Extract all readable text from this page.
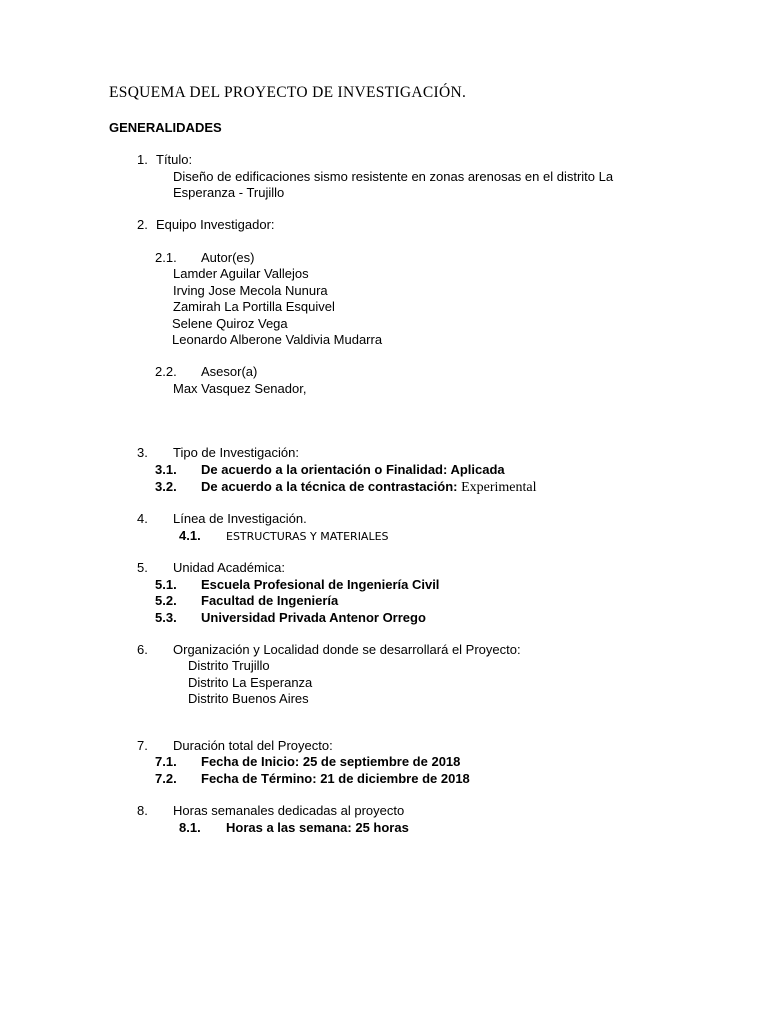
ESQUEMA DEL PROYECTO DE INVESTIGACIÓN.
GENERALIDADES
1. Título:
Diseño de edificaciones sismo resistente en zonas arenosas en el distrito La
Esperanza - Trujillo
2. Equipo Investigador:
2.1. Autor(es)
Lamder Aguilar Vallejos
Irving Jose Mecola Nunura
Zamirah La Portilla Esquivel
Selene Quiroz Vega
Leonardo Alberone Valdivia Mudarra
2.2. Asesor(a)
Max Vasquez Senador,
3. Tipo de Investigación:
3.1. De acuerdo a la orientación o Finalidad: Aplicada
3.2. De acuerdo a la técnica de contrastación: Experimental
4. Línea de Investigación.
4.1. ESTRUCTURAS Y MATERIALES
5. Unidad Académica:
5.1. Escuela Profesional de Ingeniería Civil
5.2. Facultad de Ingeniería
5.3. Universidad Privada Antenor Orrego
6. Organización y Localidad donde se desarrollará el Proyecto:
Distrito Trujillo
Distrito La Esperanza
Distrito Buenos Aires
7. Duración total del Proyecto:
7.1. Fecha de Inicio: 25 de septiembre de 2018
7.2. Fecha de Término: 21 de diciembre de 2018
8. Horas semanales dedicadas al proyecto
8.1. Horas a las semana: 25 horas
